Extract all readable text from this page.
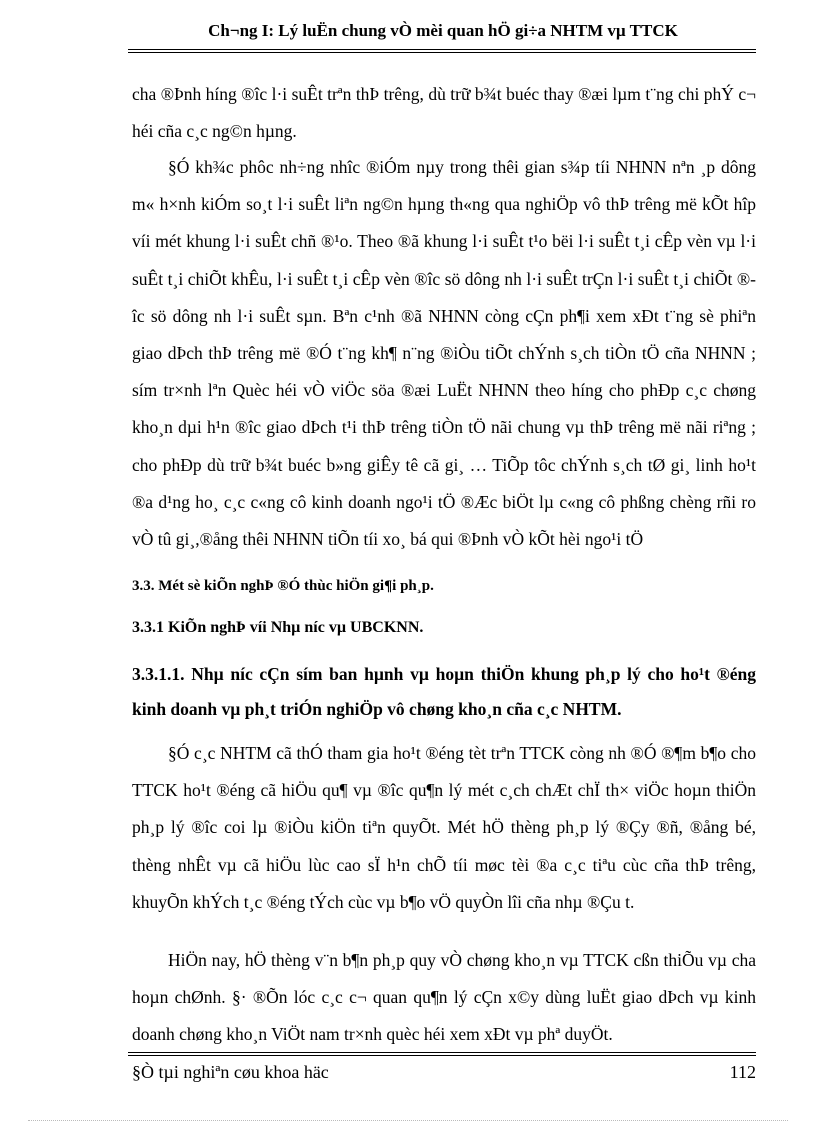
Ch¬ng I: Lý luËn chung vÒ mèi quan hÖ gi÷a NHTM vµ TTCK

cha ®Þnh híng ®îc l·i suÊt trªn thÞ trêng, dù trữ b¾t buéc thay ®æi lµm t¨ng chi phÝ c¬ héi cña c¸c ng©n hµng.

§Ó kh¾c phôc nh÷ng nhîc ®iÓm nµy trong thêi gian s¾p tíi NHNN nªn ¸p dông m« h×nh kiÓm so¸t l·i suÊt liªn ng©n hµng th«ng qua nghiÖp vô thÞ trêng më kÕt hîp víi mét khung l·i suÊt chñ ®¹o. Theo ®ã khung l·i suÊt t¹o bëi l·i suÊt t¸i cÊp vèn vµ l·i suÊt t¸i chiÕt khÊu, l·i suÊt t¸i cÊp vèn ®îc sö dông nh l·i suÊt trÇn l·i suÊt t¸i chiÕt ®îc sö dông nh l·i suÊt sµn. Bªn c¹nh ®ã NHNN còng cÇn ph¶i xem xÐt t¨ng sè phiªn giao dÞch thÞ trêng më ®Ó t¨ng kh¶ n¨ng ®iÒu tiÕt chÝnh s¸ch tiÒn tÖ cña NHNN ; sím tr×nh lªn Quèc héi vÒ viÖc söa ®æi LuËt NHNN theo híng cho phÐp c¸c chøng kho¸n dµi h¹n ®îc giao dÞch t¹i thÞ trêng tiÒn tÖ nãi chung vµ thÞ trêng më nãi riªng ; cho phÐp dù trữ b¾t buéc b»ng giÊy tê cã gi¸ … TiÕp tôc chÝnh s¸ch tØ gi¸ linh ho¹t ®a d¹ng ho¸ c¸c c«ng cô kinh doanh ngo¹i tÖ ®Æc biÖt lµ c«ng cô phßng chèng rñi ro vÒ tû gi¸,®ång thêi NHNN tiÕn tíi xo¸ bá qui ®Þnh vÒ kÕt hèi ngo¹i tÖ

3.3. Mét sè kiÕn nghÞ ®Ó thùc hiÖn gi¶i ph¸p.
3.3.1 KiÕn nghÞ víi Nhµ níc vµ UBCKNN.
3.3.1.1. Nhµ níc cÇn sím ban hµnh vµ hoµn thiÖn khung ph¸p lý cho ho¹t ®éng kinh doanh vµ ph¸t triÓn nghiÖp vô chøng kho¸n cña c¸c NHTM.

§Ó c¸c NHTM cã thÓ tham gia ho¹t ®éng tèt trªn TTCK còng nh ®Ó ®¶m b¶o cho TTCK ho¹t ®éng cã hiÖu qu¶ vµ ®îc qu¶n lý mét c¸ch chÆt chÏ th× viÖc hoµn thiÖn ph¸p lý ®îc coi lµ ®iÒu kiÖn tiªn quyÕt. Mét hÖ thèng ph¸p lý ®Çy ®ñ, ®ång bé, thèng nhÊt vµ cã hiÖu lùc cao sÏ h¹n chÕ tíi møc tèi ®a c¸c tiªu cùc cña thÞ trêng, khuyÕn khÝch t¸c ®éng tÝch cùc vµ b¶o vÖ quyÒn lîi cña nhµ ®Çu t.

HiÖn nay, hÖ thèng v¨n b¶n ph¸p quy vÒ chøng kho¸n vµ TTCK cßn thiÕu vµ cha hoµn chØnh. §· ®Õn lóc c¸c c¬ quan qu¶n lý cÇn x©y dùng luËt giao dÞch vµ kinh doanh chøng kho¸n ViÖt nam tr×nh quèc héi xem xÐt vµ phª duyÖt.

§Ò tµi nghiªn cøu khoa häc	112
